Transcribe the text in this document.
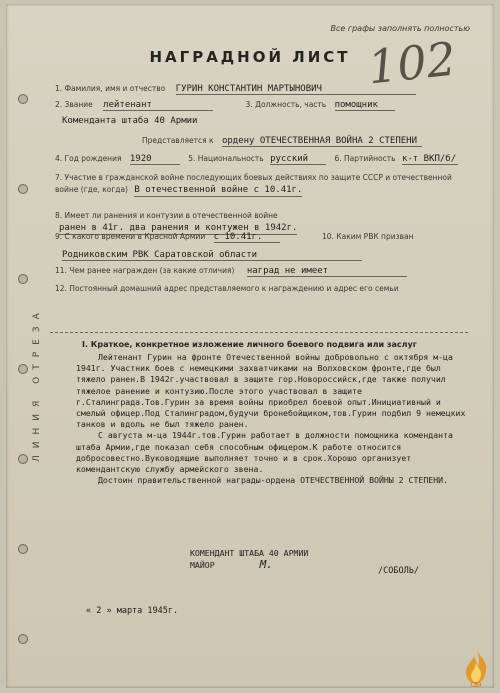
ЛИНИЯ ОТРЕЗА
Все графы заполнять полностью
102
НАГРАДНОЙ ЛИСТ
1. Фамилия, имя и отчество ГУРИН КОНСТАНТИН МАРТЫНОВИЧ
2. Звание лейтенант	3. Должность, часть помощник
Коменданта штаба 40 Армии
Представляется к ордену ОТЕЧЕСТВЕННАЯ ВОЙНА 2 СТЕПЕНИ
4. Год рождения 1920	5. Национальность русский	6. Партийность к-т ВКП/б/
7. Участие в гражданской войне последующих боевых действиях по защите СССР и отечественной войне (где, когда) В отечественной войне с 10.41г.
8. Имеет ли ранения и контузии в отечественной войне ранен в 41г. два ранения и контужен в 1942г.
9. С какого времени в Красной Армии с 10.41г.	10. Каким РВК призван
Родниковским РВК Саратовской области
11. Чем ранее награжден (за какие отличия) наград не имеет
12. Постоянный домашний адрес представляемого к награждению и адрес его семьи
I. Краткое, конкретное изложение личного боевого подвига или заслуг

Лейтенант Гурин на фронте Отечественной войны добровольно с октября м-ца 1941г. Участник боев с немецкими захватчиками на Волховском фронте,где был тяжело ранен.В 1942г.участвовал в защите гор.Новороссийск,где также получил тяжелое ранение и контузию.После этого участвовал в защите г.Сталинграда.Тов.Гурин за время войны приобрел боевой опыт.Инициативный и смелый офицер.Под Сталинградом,будучи бронебойщиком,тов.Гурин подбил 9 немецких танков и вдоль не был тяжело ранен.

С августа м-ца 1944г.тов.Гурин работает в должности помощника коменданта штаба Армии,где показал себя способным офицером.К работе относится добросовестно.Вуководящие выполняет точно и в срок.Хорошо организует комендантскую службу армейского звена.

Достоин правительственной награды-ордена ОТЕЧЕСТВЕННОЙ ВОЙНЫ 2 СТЕПЕНИ.

КОМЕНДАНТ ШТАБА 40 АРМИИ
МАЙОР	М.	/СОБОЛЬ/
« 2 » марта 1945г.
СДЭ
